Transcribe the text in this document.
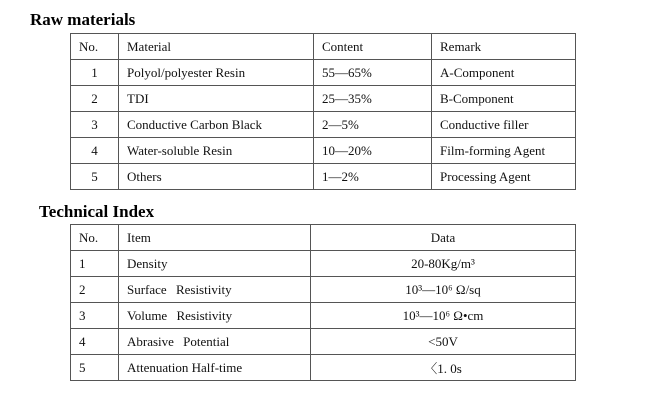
Raw materials
No.	Material	Content	Remark
1	Polyol/polyester Resin	55—65%	A-Component
2	TDI	25—35%	B-Component
3	Conductive Carbon Black	2—5%	Conductive filler
4	Water-soluble Resin	10—20%	Film-forming Agent
5	Others	1—2%	Processing Agent
Technical Index
No.	Item	Data
1	Density	20-80Kg/m³
2	Surface Resistivity	10³—10⁶ Ω/sq
3	Volume Resistivity	10³—10⁶ Ω•cm
4	Abrasive Potential	<50V
5	Attenuation Half-time	〈1. 0s
